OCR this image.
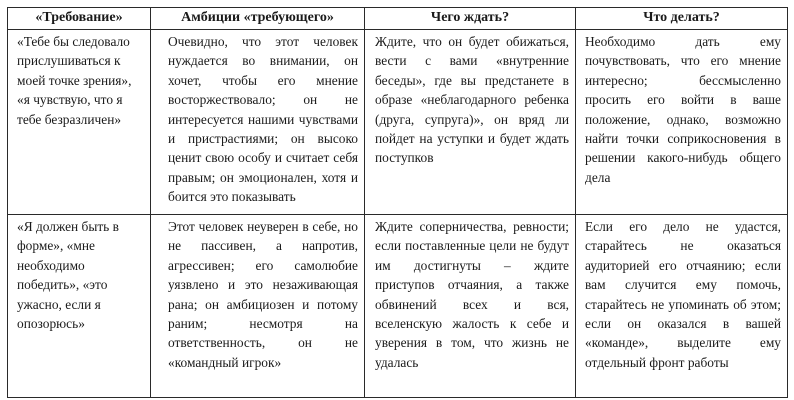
«Требование»	Амбиции «требующего»	Чего ждать?	Что делать?

«Тебе бы следовало прислушиваться к моей точке зрения», «я чувствую, что я тебе безразличен»	Очевидно, что этот человек нуждается во внимании, он хочет, чтобы его мнение восторжествовало; он не интересуется нашими чувствами и пристрастиями; он высоко ценит свою особу и считает себя правым; он эмоционален, хотя и боится это показывать	Ждите, что он будет обижаться, вести с вами «внутренние беседы», где вы предстанете в образе «неблагодарного ребенка (друга, супруга)», он вряд ли пойдет на уступки и будет ждать поступков	Необходимо дать ему почувствовать, что его мнение интересно; бессмысленно просить его войти в ваше положение, однако, возможно найти точки соприкосновения в решении какого-нибудь общего дела

«Я должен быть в форме», «мне необходимо победить», «это ужасно, если я опозорюсь»	Этот человек неуверен в себе, но не пассивен, а напротив, агрессивен; его самолюбие уязвлено и это незаживающая рана; он амбициозен и потому раним; несмотря на ответственность, он не «командный игрок»	Ждите соперничества, ревности; если поставленные цели не будут им достигнуты – ждите приступов отчаяния, а также обвинений всех и вся, вселенскую жалость к себе и уверения в том, что жизнь не удалась	Если его дело не удастся, старайтесь не оказаться аудиторией его отчаянию; если вам случится ему помочь, старайтесь не упоминать об этом; если он оказался в вашей «команде», выделите ему отдельный фронт работы
